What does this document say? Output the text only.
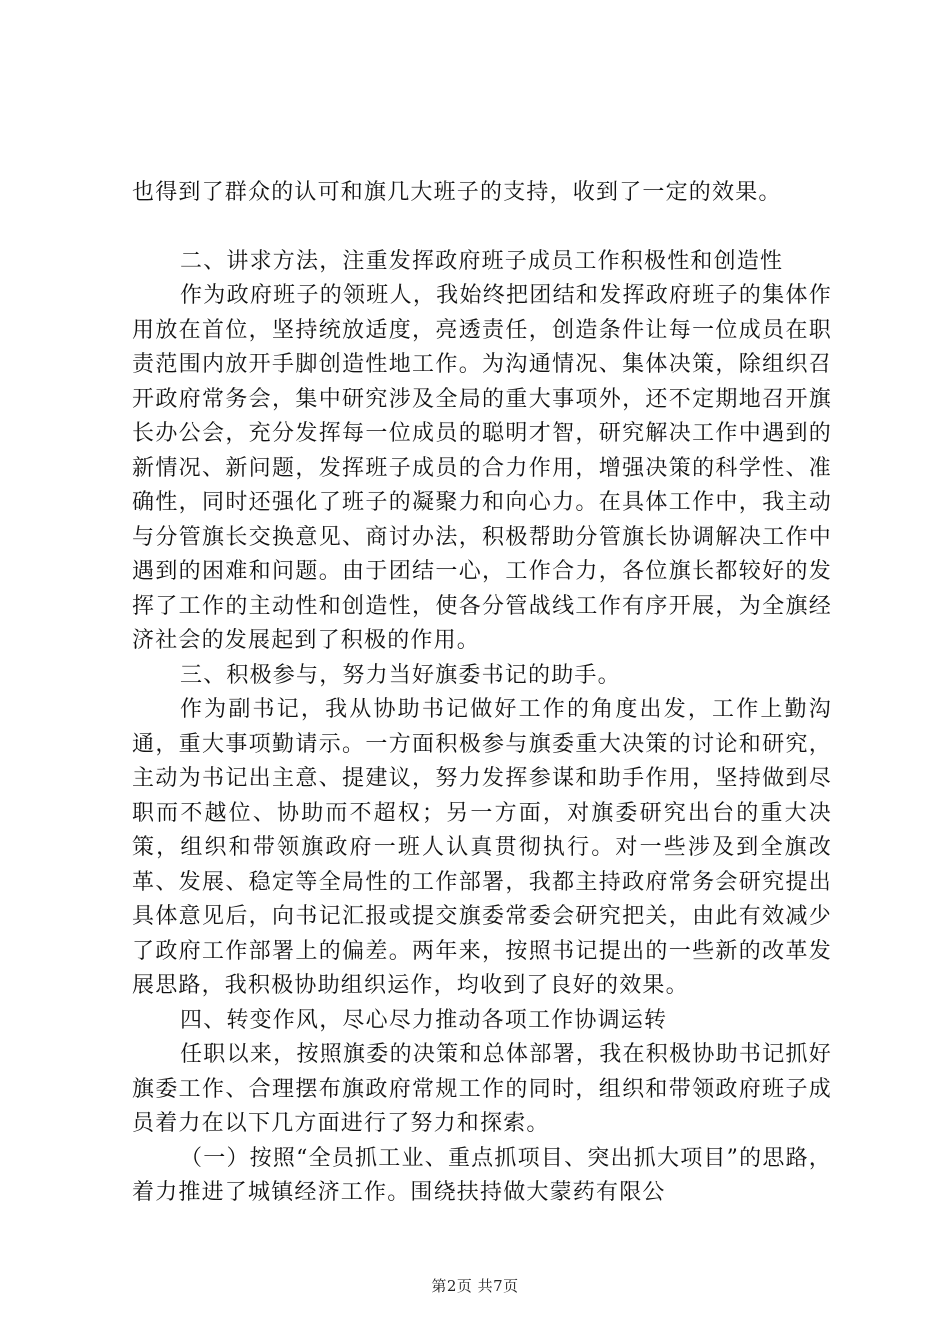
也得到了群众的认可和旗几大班子的支持，收到了一定的效果。

二、讲求方法，注重发挥政府班子成员工作积极性和创造性

作为政府班子的领班人，我始终把团结和发挥政府班子的集体作用放在首位，坚持统放适度，亮透责任，创造条件让每一位成员在职责范围内放开手脚创造性地工作。为沟通情况、集体决策，除组织召开政府常务会，集中研究涉及全局的重大事项外，还不定期地召开旗长办公会，充分发挥每一位成员的聪明才智，研究解决工作中遇到的新情况、新问题，发挥班子成员的合力作用，增强决策的科学性、准确性，同时还强化了班子的凝聚力和向心力。在具体工作中，我主动与分管旗长交换意见、商讨办法，积极帮助分管旗长协调解决工作中遇到的困难和问题。由于团结一心，工作合力，各位旗长都较好的发挥了工作的主动性和创造性，使各分管战线工作有序开展，为全旗经济社会的发展起到了积极的作用。

三、积极参与，努力当好旗委书记的助手。

作为副书记，我从协助书记做好工作的角度出发，工作上勤沟通，重大事项勤请示。一方面积极参与旗委重大决策的讨论和研究，主动为书记出主意、提建议，努力发挥参谋和助手作用，坚持做到尽职而不越位、协助而不超权；另一方面，对旗委研究出台的重大决策，组织和带领旗政府一班人认真贯彻执行。对一些涉及到全旗改革、发展、稳定等全局性的工作部署，我都主持政府常务会研究提出具体意见后，向书记汇报或提交旗委常委会研究把关，由此有效减少了政府工作部署上的偏差。两年来，按照书记提出的一些新的改革发展思路，我积极协助组织运作，均收到了良好的效果。

四、转变作风，尽心尽力推动各项工作协调运转

任职以来，按照旗委的决策和总体部署，我在积极协助书记抓好旗委工作、合理摆布旗政府常规工作的同时，组织和带领政府班子成员着力在以下几方面进行了努力和探索。

（一）按照“全员抓工业、重点抓项目、突出抓大项目”的思路，着力推进了城镇经济工作。围绕扶持做大蒙药有限公

第2页 共7页
